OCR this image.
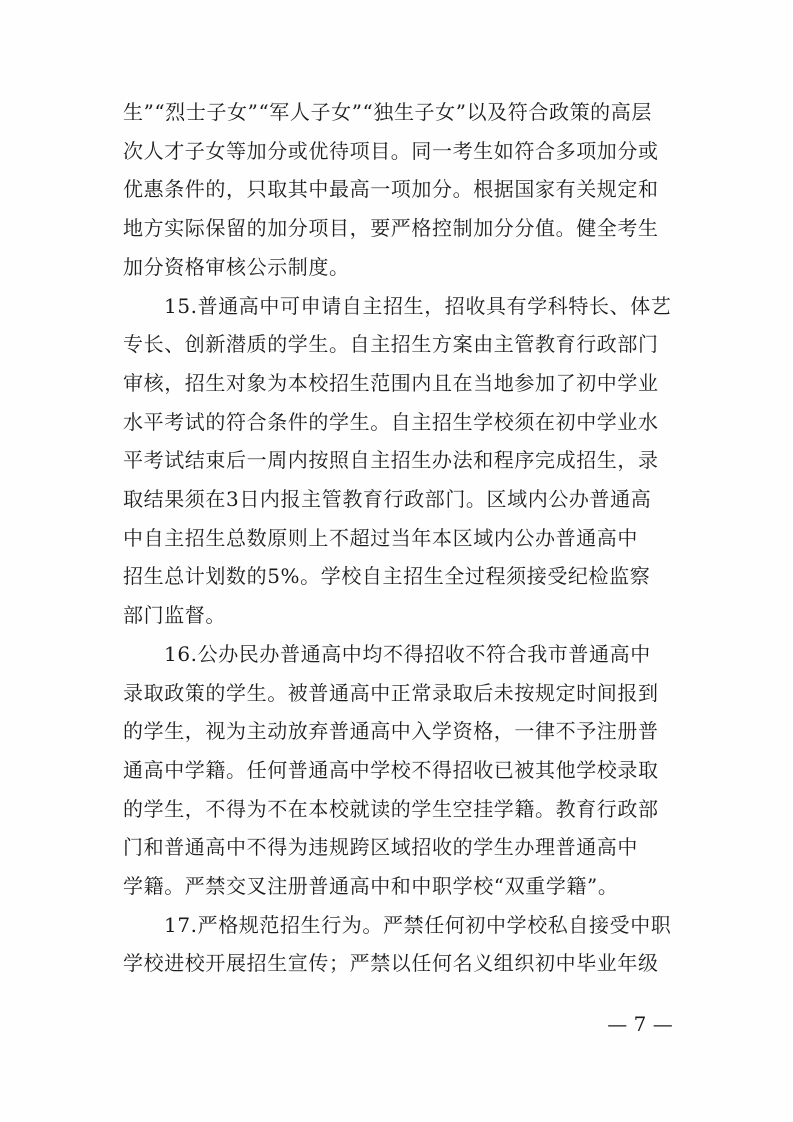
生”“烈士子女”“军人子女”“独生子女”以及符合政策的高层
次人才子女等加分或优待项目。同一考生如符合多项加分或
优惠条件的，只取其中最高一项加分。根据国家有关规定和
地方实际保留的加分项目，要严格控制加分分值。健全考生
加分资格审核公示制度。
15.普通高中可申请自主招生，招收具有学科特长、体艺
专长、创新潜质的学生。自主招生方案由主管教育行政部门
审核，招生对象为本校招生范围内且在当地参加了初中学业
水平考试的符合条件的学生。自主招生学校须在初中学业水
平考试结束后一周内按照自主招生办法和程序完成招生，录
取结果须在3日内报主管教育行政部门。区域内公办普通高
中自主招生总数原则上不超过当年本区域内公办普通高中
招生总计划数的5%。学校自主招生全过程须接受纪检监察
部门监督。
16.公办民办普通高中均不得招收不符合我市普通高中
录取政策的学生。被普通高中正常录取后未按规定时间报到
的学生，视为主动放弃普通高中入学资格，一律不予注册普
通高中学籍。任何普通高中学校不得招收已被其他学校录取
的学生，不得为不在本校就读的学生空挂学籍。教育行政部
门和普通高中不得为违规跨区域招收的学生办理普通高中
学籍。严禁交叉注册普通高中和中职学校“双重学籍”。
17.严格规范招生行为。严禁任何初中学校私自接受中职
学校进校开展招生宣传；严禁以任何名义组织初中毕业年级
— 7 —
